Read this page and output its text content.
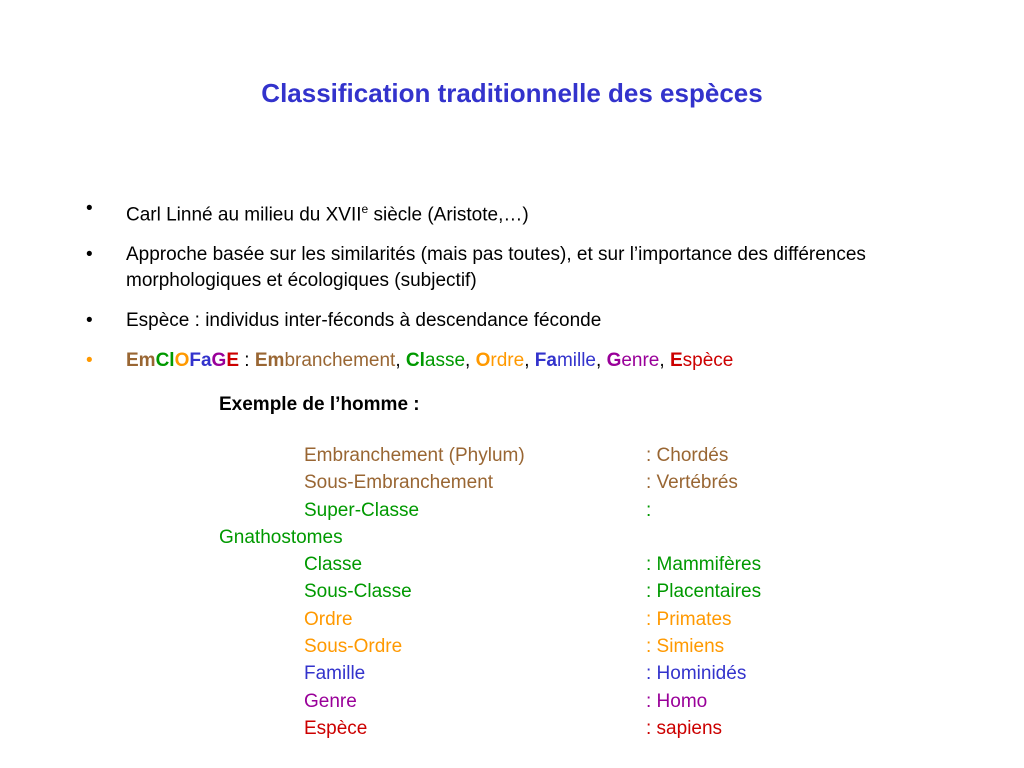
Classification traditionnelle des espèces
• Carl Linné au milieu du XVIIe siècle (Aristote,…)
• Approche basée sur les similarités (mais pas toutes), et sur l’importance des différences morphologiques et écologiques (subjectif)
• Espèce : individus inter-féconds à descendance féconde
• EmClOFaGE : Embranchement, Classe, Ordre, Famille, Genre, Espèce
Exemple de l’homme :
Embranchement (Phylum)	: Chordés
Sous-Embranchement	: Vertébrés
Super-Classe	:
Gnathostomes
Classe	: Mammifères
Sous-Classe	: Placentaires
Ordre	: Primates
Sous-Ordre	: Simiens
Famille	: Hominidés
Genre	: Homo
Espèce	: sapiens
